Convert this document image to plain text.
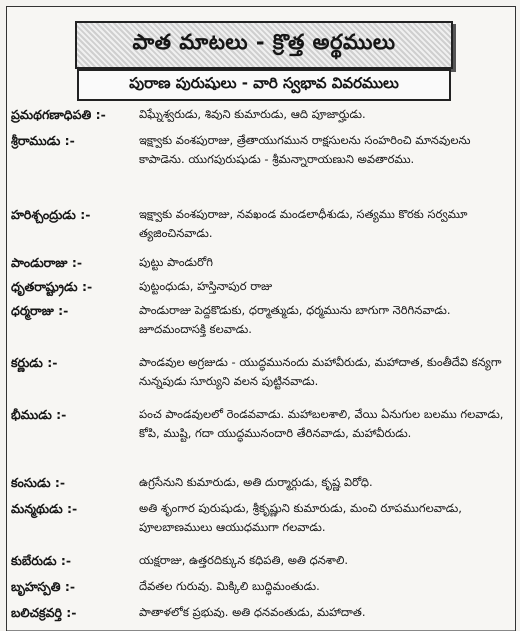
పాత మాటలు - క్రొత్త అర్థములు
పురాణ పురుషులు - వారి స్వభావ వివరములు
ప్రమథగణాధిపతి :-	విఘ్నేశ్వరుడు, శివుని కుమారుడు, ఆది పూజార్హుడు.
శ్రీరాముడు :-	ఇక్ష్వాకు వంశపురాజు, త్రేతాయుగమున రాక్షసులను సంహరించి మానవులను కాపాడెను. యుగపురుషుడు - శ్రీమన్నారాయణుని అవతారము.
హరిశ్చంద్రుడు :-	ఇక్ష్వాకు వంశపురాజు, నవఖండ మండలాధీశుడు, సత్యము కొరకు సర్వమూ త్యజించినవాడు.
పాండురాజు :-	పుట్టు పాండురోగి
ధృతరాష్ట్రుడు :-	పుట్టంధుడు, హస్తినాపుర రాజు
ధర్మరాజు :-	పాండురాజు పెద్దకొడుకు, ధర్మాత్ముడు, ధర్మమును బాగుగా నెరిగినవాడు. జూదమందాసక్తి కలవాడు.
కర్ణుడు :-	పాండవుల అగ్రజుడు - యుద్ధమునందు మహావీరుడు, మహాదాత, కుంతీదేవి కన్యగా నున్నపుడు సూర్యుని వలన పుట్టినవాడు.
భీముడు :-	పంచ పాండవులలో రెండవవాడు. మహాబలశాలి, వేయి ఏనుగుల బలము గలవాడు, కోపి, ముష్టి, గదా యుద్ధమునందారి తేరినవాడు, మహావీరుడు.
కంసుడు :-	ఉగ్రసేనుని కుమారుడు, అతి దుర్మార్గుడు, కృష్ణ విరోధి.
మన్మథుడు :-	అతి శృంగార పురుషుడు, శ్రీకృష్ణుని కుమారుడు, మంచి రూపముగలవాడు, పూలబాణములు ఆయుధముగా గలవాడు.
కుబేరుడు :-	యక్షరాజు, ఉత్తరదిక్కున కధిపతి, అతి ధనశాలి.
బృహస్పతి :-	దేవతల గురువు. మిక్కిలి బుద్ధిమంతుడు.
బలిచక్రవర్తి :-	పాతాళలోక ప్రభువు. అతి ధనవంతుడు, మహాదాత.
